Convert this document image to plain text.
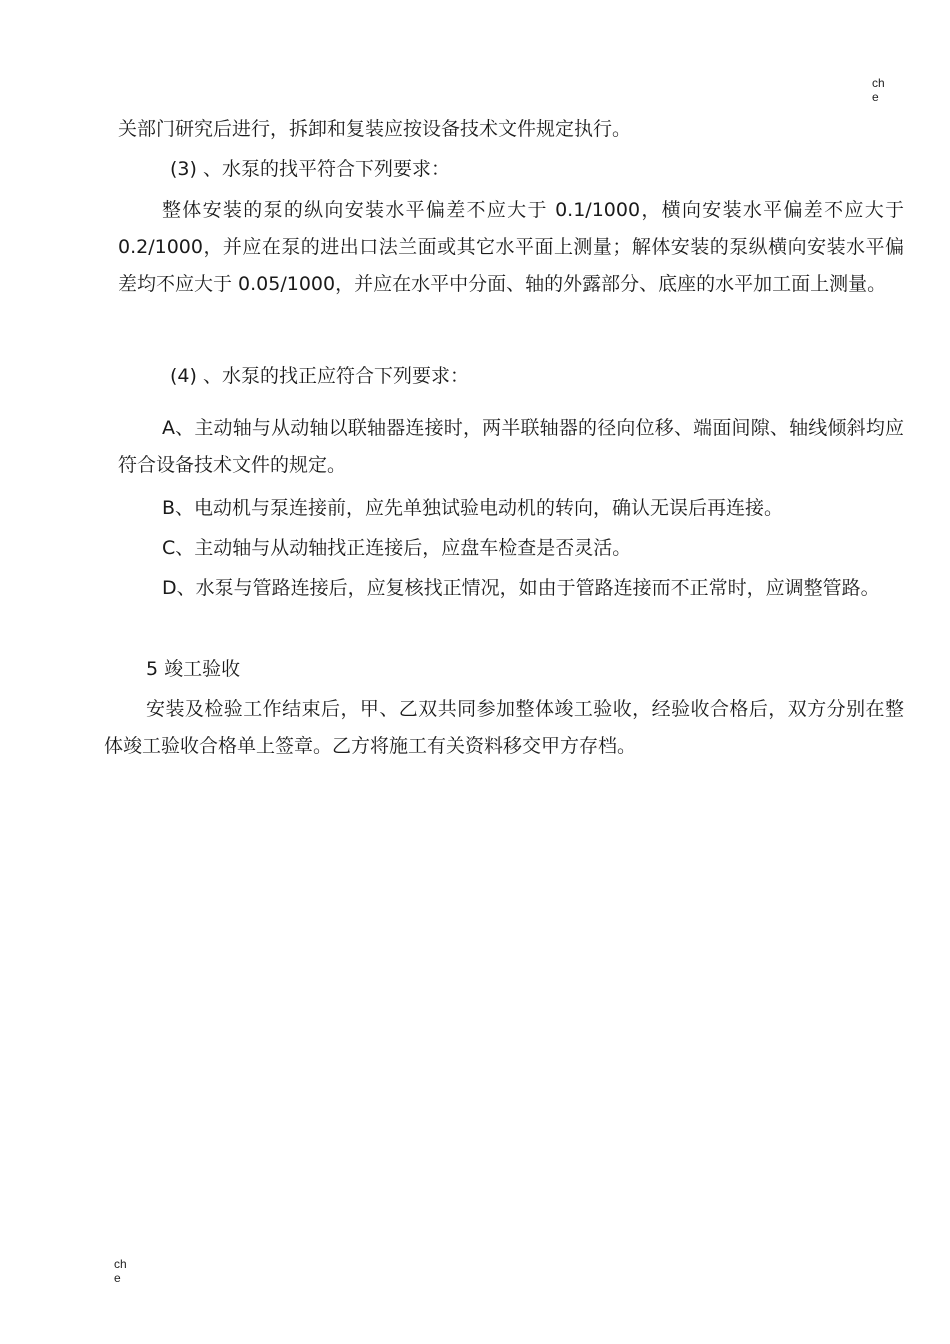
che
关部门研究后进行，拆卸和复装应按设备技术文件规定执行。
(3) 、水泵的找平符合下列要求：
整体安装的泵的纵向安装水平偏差不应大于 0.1/1000，横向安装水平偏差不应大于 0.2/1000，并应在泵的进出口法兰面或其它水平面上测量；解体安装的泵纵横向安装水平偏差均不应大于 0.05/1000，并应在水平中分面、轴的外露部分、底座的水平加工面上测量。
(4) 、水泵的找正应符合下列要求：
A、主动轴与从动轴以联轴器连接时，两半联轴器的径向位移、端面间隙、轴线倾斜均应符合设备技术文件的规定。
B、电动机与泵连接前，应先单独试验电动机的转向，确认无误后再连接。
C、主动轴与从动轴找正连接后，应盘车检查是否灵活。
D、水泵与管路连接后，应复核找正情况，如由于管路连接而不正常时，应调整管路。
5 竣工验收
安装及检验工作结束后，甲、乙双共同参加整体竣工验收，经验收合格后，双方分别在整体竣工验收合格单上签章。乙方将施工有关资料移交甲方存档。
che
